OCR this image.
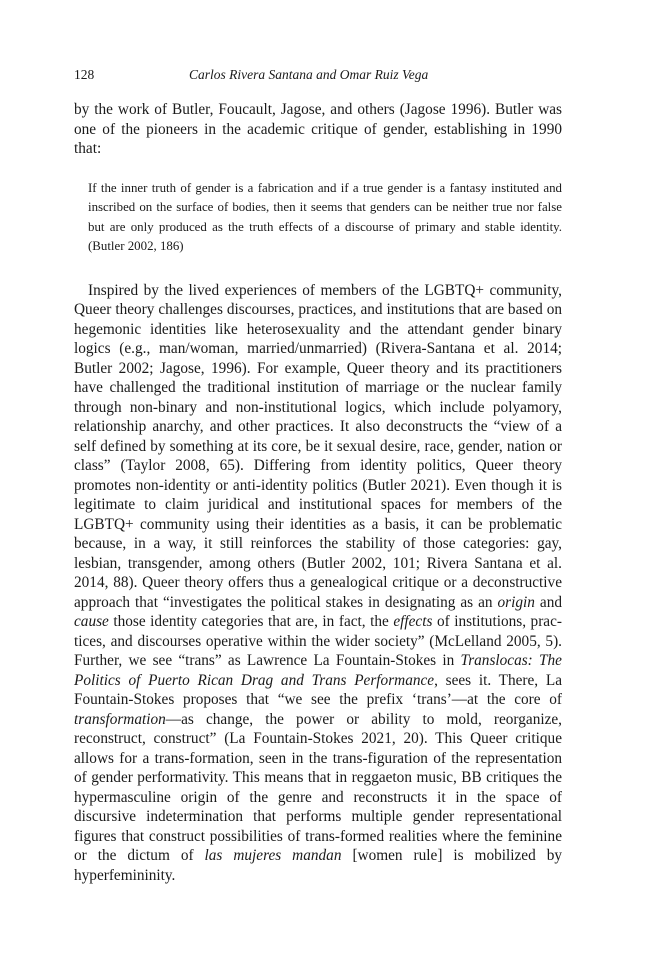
128	Carlos Rivera Santana and Omar Ruiz Vega

by the work of Butler, Foucault, Jagose, and others (Jagose 1996). Butler was one of the pioneers in the academic critique of gender, establishing in 1990 that:

If the inner truth of gender is a fabrication and if a true gender is a fantasy instituted and inscribed on the surface of bodies, then it seems that genders can be neither true nor false but are only produced as the truth effects of a discourse of primary and stable identity. (Butler 2002, 186)

Inspired by the lived experiences of members of the LGBTQ+ community, Queer theory challenges discourses, practices, and institutions that are based on hegemonic identities like heterosexuality and the attendant gender binary logics (e.g., man/woman, married/unmarried) (Rivera-Santana et al. 2014; Butler 2002; Jagose, 1996). For example, Queer theory and its practitioners have challenged the traditional institution of marriage or the nuclear family through non-binary and non-institutional logics, which include polyamory, relationship anarchy, and other practices. It also deconstructs the “view of a self defined by something at its core, be it sexual desire, race, gender, nation or class” (Taylor 2008, 65). Differing from identity politics, Queer theory promotes non-identity or anti-identity politics (Butler 2021). Even though it is legitimate to claim juridical and institutional spaces for members of the LGBTQ+ community using their identities as a basis, it can be problematic because, in a way, it still reinforces the stability of those categories: gay, lesbian, transgender, among others (Butler 2002, 101; Rivera Santana et al. 2014, 88). Queer theory offers thus a genealogical critique or a deconstructive approach that “investigates the political stakes in designating as an origin and cause those identity categories that are, in fact, the effects of institutions, practices, and discourses operative within the wider society” (McLelland 2005, 5). Further, we see “trans” as Lawrence La Fountain-Stokes in Translocas: The Politics of Puerto Rican Drag and Trans Performance, sees it. There, La Fountain-Stokes proposes that “we see the prefix ‘trans’—at the core of transformation—as change, the power or ability to mold, reorganize, reconstruct, construct” (La Fountain-Stokes 2021, 20). This Queer critique allows for a trans-formation, seen in the trans-figuration of the representation of gender performativity. This means that in reggaeton music, BB critiques the hypermasculine origin of the genre and reconstructs it in the space of discursive indetermination that performs multiple gender representational figures that construct possibilities of trans-formed realities where the feminine or the dictum of las mujeres mandan [women rule] is mobilized by hyperfemininity.
